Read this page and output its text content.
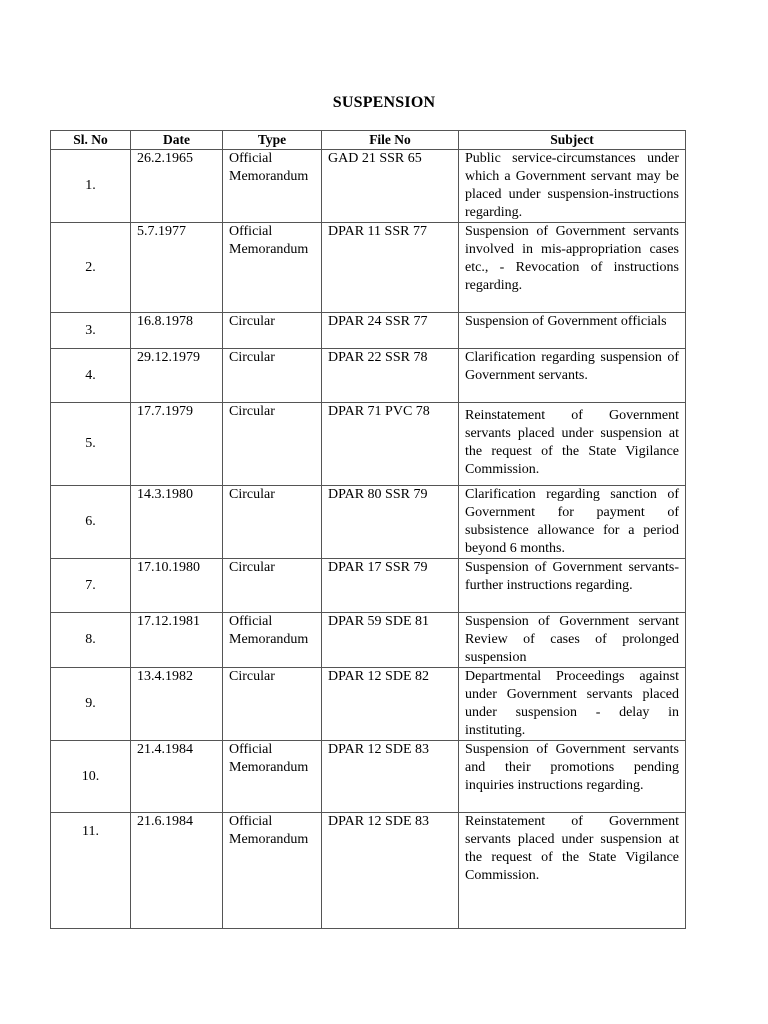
SUSPENSION
Sl. No	Date	Type	File No	Subject
1.	26.2.1965	Official Memorandum	GAD 21 SSR 65	Public service-circumstances under which a Government servant may be placed under suspension-instructions regarding.
2.	5.7.1977	Official Memorandum	DPAR 11 SSR 77	Suspension of Government servants involved in mis-appropriation cases etc., - Revocation of instructions regarding.
3.	16.8.1978	Circular	DPAR 24 SSR 77	Suspension of Government officials
4.	29.12.1979	Circular	DPAR 22 SSR 78	Clarification regarding suspension of Government servants.
5.	17.7.1979	Circular	DPAR 71 PVC 78	Reinstatement of Government servants placed under suspension at the request of the State Vigilance Commission.
6.	14.3.1980	Circular	DPAR 80 SSR 79	Clarification regarding sanction of Government for payment of subsistence allowance for a period beyond 6 months.
7.	17.10.1980	Circular	DPAR 17 SSR 79	Suspension of Government servants-further instructions regarding.
8.	17.12.1981	Official Memorandum	DPAR 59 SDE 81	Suspension of Government servant Review of cases of prolonged suspension
9.	13.4.1982	Circular	DPAR 12 SDE 82	Departmental Proceedings against under Government servants placed under suspension - delay in instituting.
10.	21.4.1984	Official Memorandum	DPAR 12 SDE 83	Suspension of Government servants and their promotions pending inquiries instructions regarding.
11.	21.6.1984	Official Memorandum	DPAR 12 SDE 83	Reinstatement of Government servants placed under suspension at the request of the State Vigilance Commission.
